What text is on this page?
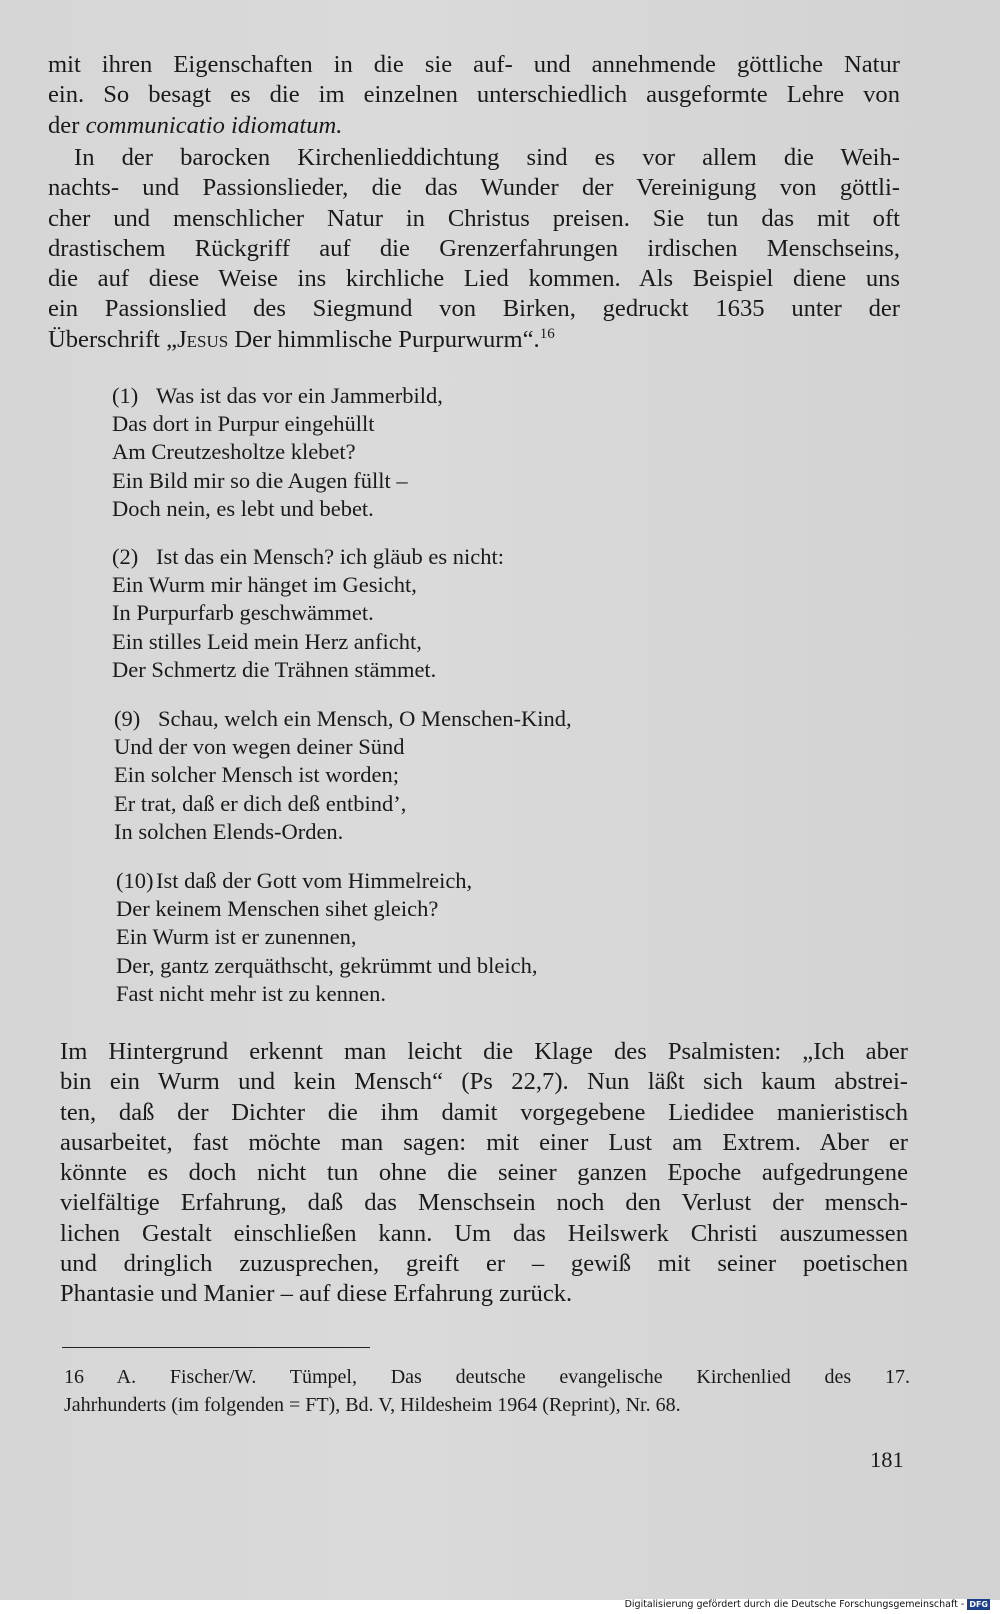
mit ihren Eigenschaften in die sie auf- und annehmende göttliche Natur
ein. So besagt es die im einzelnen unterschiedlich ausgeformte Lehre von
der communicatio idiomatum.
In der barocken Kirchenlieddichtung sind es vor allem die Weih-
nachts- und Passionslieder, die das Wunder der Vereinigung von göttli-
cher und menschlicher Natur in Christus preisen. Sie tun das mit oft
drastischem Rückgriff auf die Grenzerfahrungen irdischen Menschseins,
die auf diese Weise ins kirchliche Lied kommen. Als Beispiel diene uns
ein Passionslied des Siegmund von Birken, gedruckt 1635 unter der
Überschrift „Jesus Der himmlische Purpurwurm“.$^{16}$
(1) Was ist das vor ein Jammerbild,
Das dort in Purpur eingehüllt
Am Creutzesholtze klebet?
Ein Bild mir so die Augen füllt –
Doch nein, es lebt und bebet.
(2) Ist das ein Mensch? ich gläub es nicht:
Ein Wurm mir hänget im Gesicht,
In Purpurfarb geschwämmet.
Ein stilles Leid mein Herz anficht,
Der Schmertz die Trähnen stämmet.
(9) Schau, welch ein Mensch, O Menschen-Kind,
Und der von wegen deiner Sünd
Ein solcher Mensch ist worden;
Er trat, daß er dich deß entbind’,
In solchen Elends-Orden.
(10) Ist daß der Gott vom Himmelreich,
Der keinem Menschen sihet gleich?
Ein Wurm ist er zunennen,
Der, gantz zerquäthscht, gekrümmt und bleich,
Fast nicht mehr ist zu kennen.
Im Hintergrund erkennt man leicht die Klage des Psalmisten: „Ich aber
bin ein Wurm und kein Mensch“ (Ps 22,7). Nun läßt sich kaum abstrei-
ten, daß der Dichter die ihm damit vorgegebene Liedidee manieristisch
ausarbeitet, fast möchte man sagen: mit einer Lust am Extrem. Aber er
könnte es doch nicht tun ohne die seiner ganzen Epoche aufgedrungene
vielfältige Erfahrung, daß das Menschsein noch den Verlust der mensch-
lichen Gestalt einschließen kann. Um das Heilswerk Christi auszumessen
und dringlich zuzusprechen, greift er – gewiß mit seiner poetischen
Phantasie und Manier – auf diese Erfahrung zurück.
16 A. Fischer/W. Tümpel, Das deutsche evangelische Kirchenlied des 17.
Jahrhunderts (im folgenden = FT), Bd. V, Hildesheim 1964 (Reprint), Nr. 68.
181
Digitalisierung gefördert durch die Deutsche Forschungsgemeinschaft - DFG
